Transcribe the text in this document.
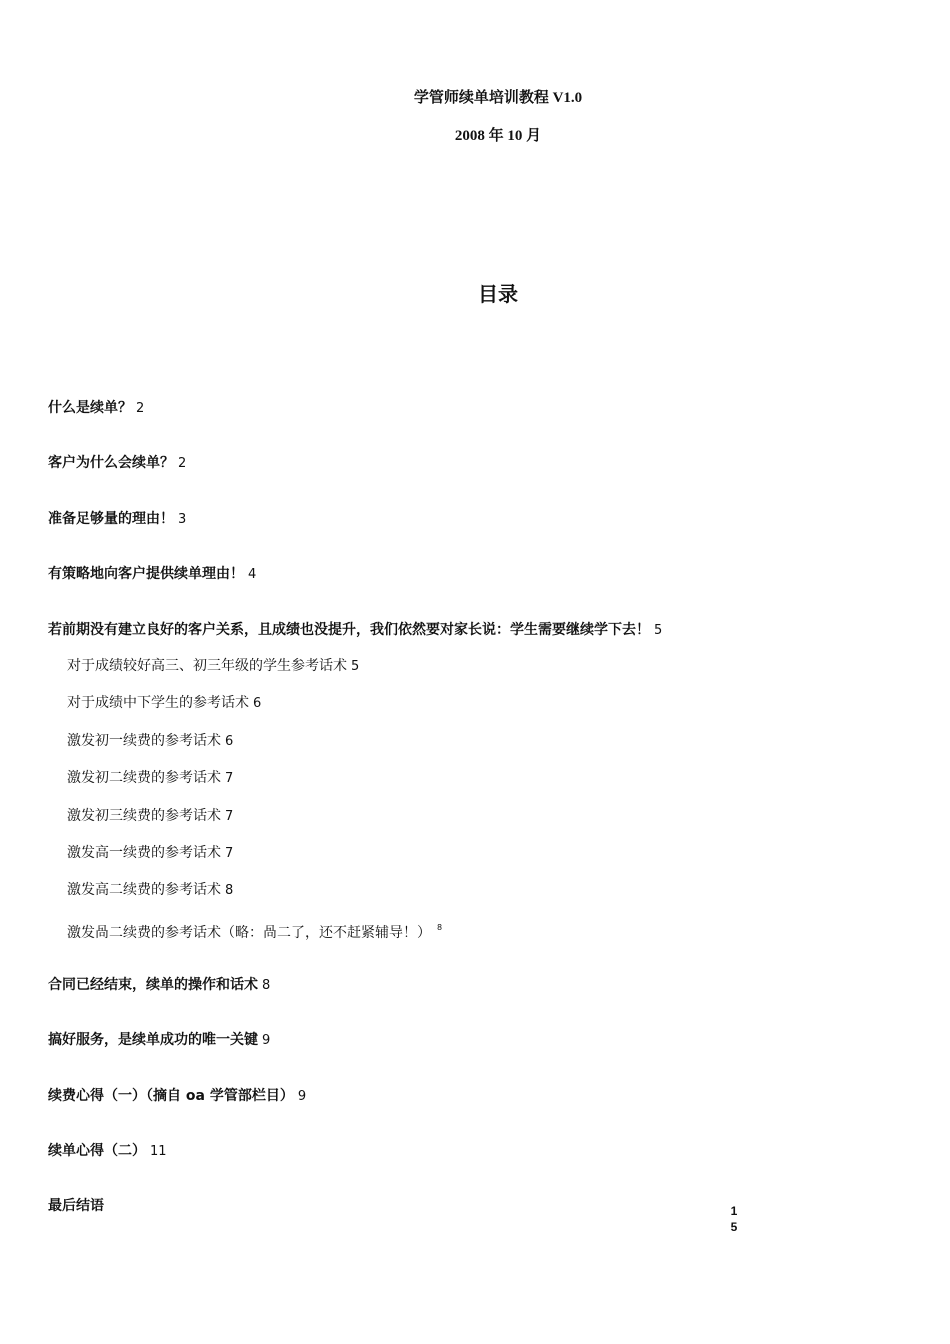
学管师续单培训教程 V1.0

2008 年 10 月

目录
什么是续单？ 2
客户为什么会续单？ 2
准备足够量的理由！ 3
有策略地向客户提供续单理由！ 4
若前期没有建立良好的客户关系，且成绩也没提升，我们依然要对家长说：学生需要继续学下去！ 5
对于成绩较好高三、初三年级的学生参考话术 5
对于成绩中下学生的参考话术 6
激发初一续费的参考话术 6
激发初二续费的参考话术 7
激发初三续费的参考话术 7
激发高一续费的参考话术 7
激发高二续费的参考话术 8
激发咼二续费的参考话术（略：咼二了，还不赶紧辅导！） $^8$
合同已经结束，续单的操作和话术 8
搞好服务，是续单成功的唯一关键 9
续费心得（一）（摘自 oa 学管部栏目） 9
续单心得（二） 11
最后结语	1
5
